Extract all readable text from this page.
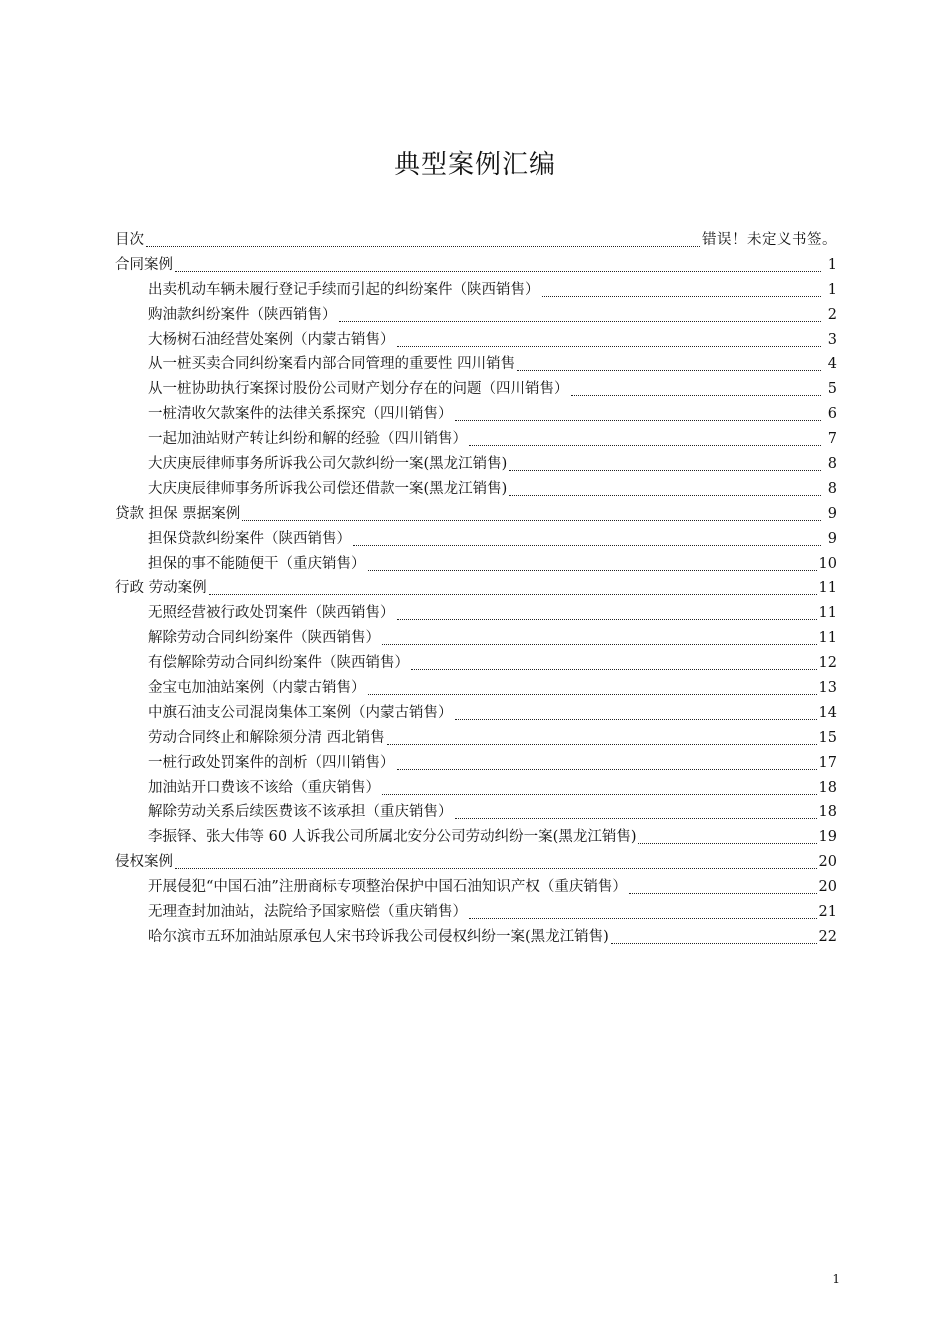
典型案例汇编
目次	错误！未定义书签。
合同案例	1
出卖机动车辆未履行登记手续而引起的纠纷案件（陕西销售）	1
购油款纠纷案件（陕西销售）	2
大杨树石油经营处案例（内蒙古销售）	3
从一桩买卖合同纠纷案看内部合同管理的重要性 四川销售	4
从一桩协助执行案探讨股份公司财产划分存在的问题（四川销售）	5
一桩清收欠款案件的法律关系探究（四川销售）	6
一起加油站财产转让纠纷和解的经验（四川销售）	7
大庆庚辰律师事务所诉我公司欠款纠纷一案(黑龙江销售)	8
大庆庚辰律师事务所诉我公司偿还借款一案(黑龙江销售)	8
贷款 担保 票据案例	9
担保贷款纠纷案件（陕西销售）	9
担保的事不能随便干（重庆销售）	10
行政 劳动案例	11
无照经营被行政处罚案件（陕西销售）	11
解除劳动合同纠纷案件（陕西销售）	11
有偿解除劳动合同纠纷案件（陕西销售）	12
金宝屯加油站案例（内蒙古销售）	13
中旗石油支公司混岗集体工案例（内蒙古销售）	14
劳动合同终止和解除须分清 西北销售	15
一桩行政处罚案件的剖析（四川销售）	17
加油站开口费该不该给（重庆销售）	18
解除劳动关系后续医费该不该承担（重庆销售）	18
李振铎、张大伟等 60 人诉我公司所属北安分公司劳动纠纷一案(黑龙江销售)	19
侵权案例	20
开展侵犯“中国石油”注册商标专项整治保护中国石油知识产权（重庆销售）	20
无理查封加油站，法院给予国家赔偿（重庆销售）	21
哈尔滨市五环加油站原承包人宋书玲诉我公司侵权纠纷一案(黑龙江销售)	22
1
